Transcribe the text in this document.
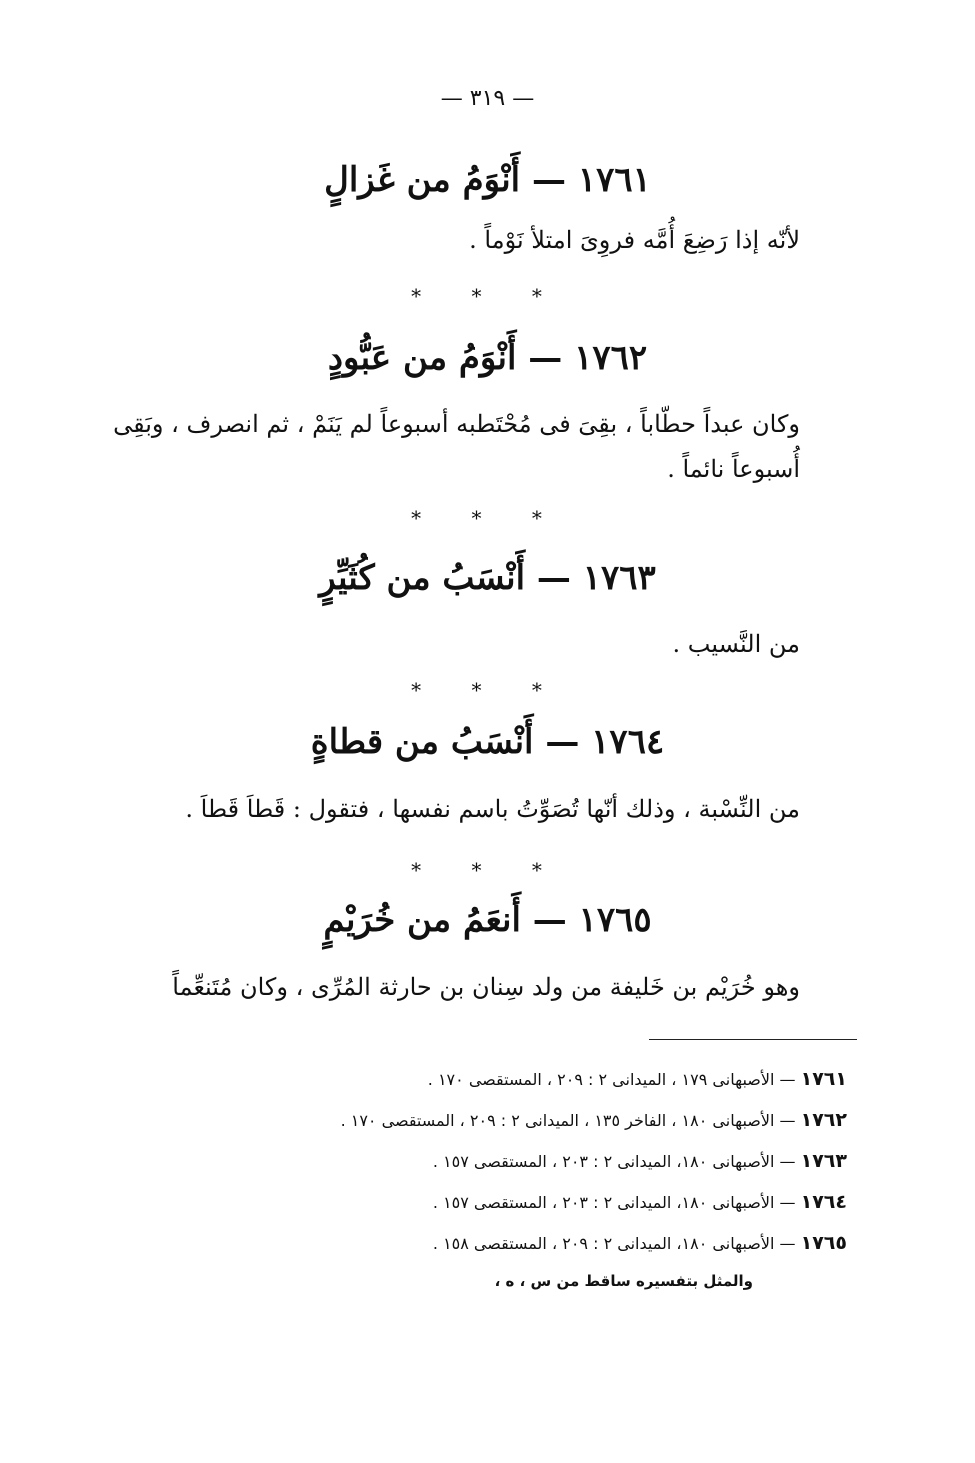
— ٣١٩ —
١٧٦١ — أَنْوَمُ من غَزالٍ
لأنّه إذا رَضِعَ أُمَّه فروِىَ امتلأ نَوْماً .
* * *
١٧٦٢ — أَنْوَمُ من عَبُّودٍ
وكان عبداً حطّاباً ، بقِىَ فى مُحْتَطبه أسبوعاً لم يَنَمْ ، ثم انصرف ، وبَقِى
أُسبوعاً نائماً .
* * *
١٧٦٣ — أَنْسَبُ من كُثَيِّرٍ
من النَّسيب .
* * *
١٧٦٤ — أَنْسَبُ من قطاةٍ
من النِّسْبة ، وذلك أنّها تُصَوِّتُ باسم نفسها ، فتقول : قَطاَ قَطاَ .
* * *
١٧٦٥ — أَنعَمُ من خُرَيْمٍ
وهو خُرَيْم بن خَليفة من ولد سِنان بن حارثة المُرِّى ، وكان مُتَنعِّماً
١٧٦١ — الأصبهانى ١٧٩ ، الميدانى ٢ : ٢٠٩ ، المستقصى ١٧٠ .
١٧٦٢ — الأصبهانى ١٨٠ ، الفاخر ١٣٥ ، الميدانى ٢ : ٢٠٩ ، المستقصى ١٧٠ .
١٧٦٣ — الأصبهانى ١٨٠، الميدانى ٢ : ٢٠٣ ، المستقصى ١٥٧ .
١٧٦٤ — الأصبهانى ١٨٠، الميدانى ٢ : ٢٠٣ ، المستقصى ١٥٧ .
١٧٦٥ — الأصبهانى ١٨٠، الميدانى ٢ : ٢٠٩ ، المستقصى ١٥٨ .
والمثل بتفسيره ساقط من س ، ه ،
